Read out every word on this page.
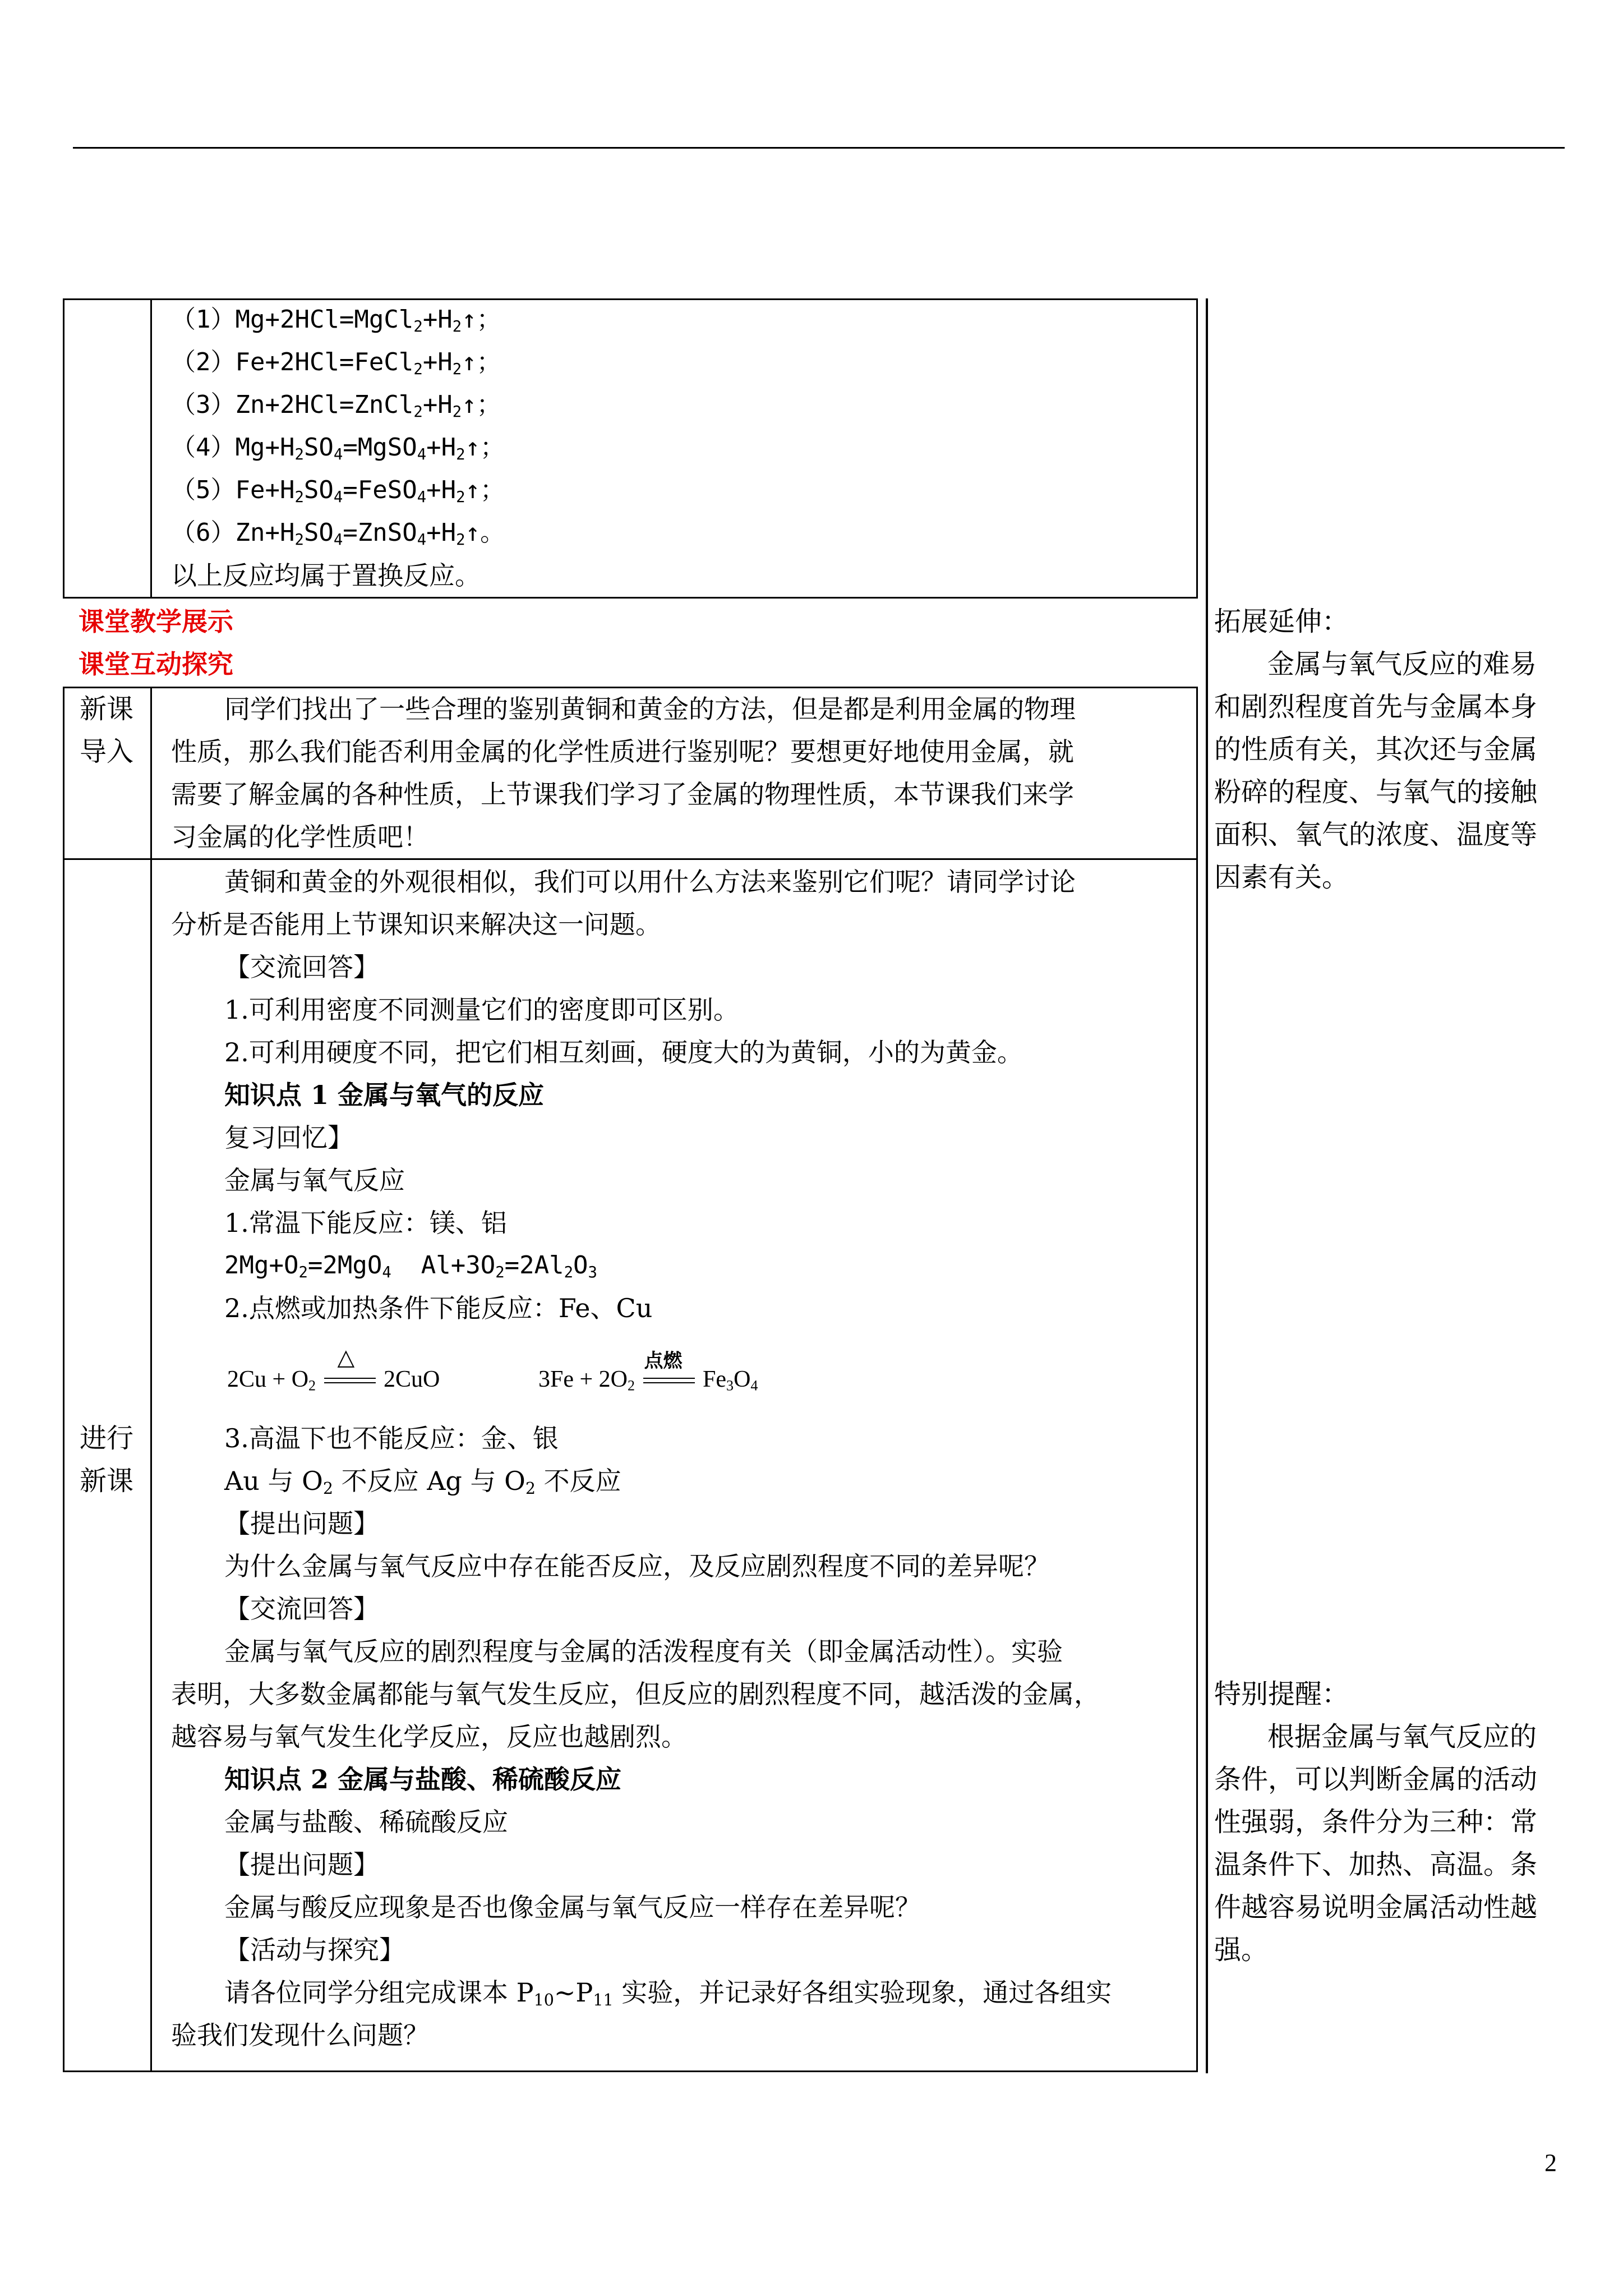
$(1)Mg+2HCl=MgCl_2+H_2↑$；
$(2)Fe+2HCl=FeCl_2+H_2↑$；
$(3)Zn+2HCl=ZnCl_2+H_2↑$；
$(4)Mg+H_2SO_4=MgSO_4+H_2↑$；
$(5)Fe+H_2SO_4=FeSO_4+H_2↑$；
$(6)Zn+H_2SO_4=ZnSO_4+H_2↑$。
以上反应均属于置换反应。
课堂教学展示
课堂互动探究
新课
导入
同学们找出了一些合理的鉴别黄铜和黄金的方法，但是都是利用金属的物理
性质，那么我们能否利用金属的化学性质进行鉴别呢？要想更好地使用金属，就
需要了解金属的各种性质，上节课我们学习了金属的物理性质，本节课我们来学
习金属的化学性质吧！
进行
新课
黄铜和黄金的外观很相似，我们可以用什么方法来鉴别它们呢？请同学讨论
分析是否能用上节课知识来解决这一问题。
【交流回答】
1.可利用密度不同测量它们的密度即可区别。
2.可利用硬度不同，把它们相互刻画，硬度大的为黄铜，小的为黄金。
知识点 1 金属与氧气的反应
复习回忆】
金属与氧气反应
1.常温下能反应：镁、铝
$2Mg+O_2=2MgO_4$  $Al+3O_2=2Al_2O_3$
2.点燃或加热条件下能反应：Fe、Cu
$2Cu + O_2$
△
2CuO	$3Fe + 2O_2$
点燃
$Fe_3O_4$
3.高温下也不能反应：金、银
Au 与 $O_2$ 不反应 Ag 与 $O_2$ 不反应
【提出问题】
为什么金属与氧气反应中存在能否反应，及反应剧烈程度不同的差异呢？
【交流回答】
金属与氧气反应的剧烈程度与金属的活泼程度有关（即金属活动性）。实验
表明，大多数金属都能与氧气发生反应，但反应的剧烈程度不同，越活泼的金属，
越容易与氧气发生化学反应，反应也越剧烈。
知识点 2 金属与盐酸、稀硫酸反应
金属与盐酸、稀硫酸反应
【提出问题】
金属与酸反应现象是否也像金属与氧气反应一样存在差异呢？
【活动与探究】
请各位同学分组完成课本 $P_{10}\sim P_{11}$ 实验，并记录好各组实验现象，通过各组实
验我们发现什么问题？
拓展延伸：
金属与氧气反应的难易
和剧烈程度首先与金属本身
的性质有关，其次还与金属
粉碎的程度、与氧气的接触
面积、氧气的浓度、温度等
因素有关。
特别提醒：
根据金属与氧气反应的
条件，可以判断金属的活动
性强弱，条件分为三种：常
温条件下、加热、高温。条
件越容易说明金属活动性越
强。
2
